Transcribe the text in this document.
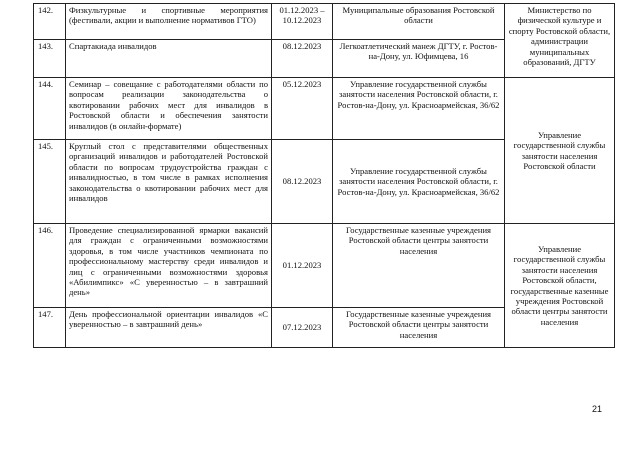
142.	Физкультурные и спортивные мероприятия (фестивали, акции и выполнение нормативов ГТО)	01.12.2023 – 10.12.2023	Муниципальные образования Ростовской области	Министерство по физической культуре и спорту Ростовской области, администрации муниципальных образований, ДГТУ
143.	Спартакиада инвалидов	08.12.2023	Легкоатлетический манеж ДГТУ, г. Ростов-на-Дону, ул. Юфимцева, 16	
144.	Семинар – совещание с работодателями области по вопросам реализации законодательства о квотировании рабочих мест для инвалидов в Ростовской области и обеспечения занятости инвалидов (в онлайн-формате)	05.12.2023	Управление государственной службы занятости населения Ростовской области, г. Ростов-на-Дону, ул. Красноармейская, 36/62	Управление государственной службы занятости населения Ростовской области
145.	Круглый стол с представителями общественных организаций инвалидов и работодателей Ростовской области по вопросам трудоустройства граждан с инвалидностью, в том числе в рамках исполнения законодательства о квотировании рабочих мест для инвалидов	08.12.2023	Управление государственной службы занятости населения Ростовской области, г. Ростов-на-Дону, ул. Красноармейская, 36/62	
146.	Проведение специализированной ярмарки вакансий для граждан с ограниченными возможностями здоровья, в том числе участников чемпионата по профессиональному мастерству среди инвалидов и лиц с ограниченными возможностями здоровья «Абилимпикс» «С уверенностью – в завтрашний день»	01.12.2023	Государственные казенные учреждения Ростовской области центры занятости населения	Управление государственной службы занятости населения Ростовской области, государственные казенные учреждения Ростовской области центры занятости населения
147.	День профессиональной ориентации инвалидов «С уверенностью – в завтрашний день»	07.12.2023	Государственные казенные учреждения Ростовской области центры занятости населения	
21
